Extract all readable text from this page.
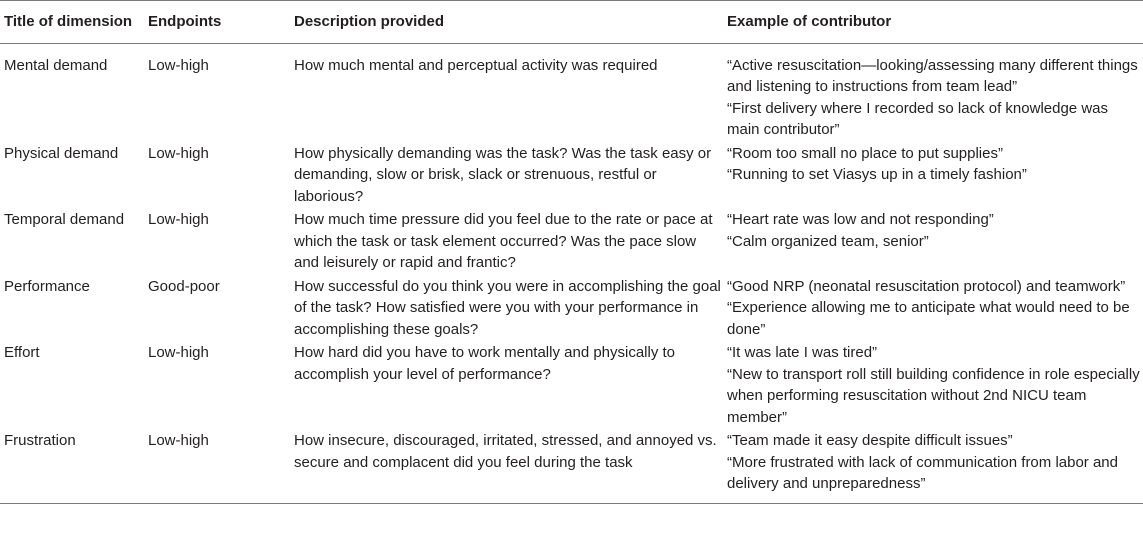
Title of dimension	Endpoints	Description provided	Example of contributor
Mental demand	Low-high	How much mental and perceptual activity was required	“Active resuscitation—looking/assessing many different things and listening to instructions from team lead”
“First delivery where I recorded so lack of knowledge was main contributor”

Physical demand	Low-high	How physically demanding was the task? Was the task easy or demanding, slow or brisk, slack or strenuous, restful or laborious?	“Room too small no place to put supplies”
“Running to set Viasys up in a timely fashion”

Temporal demand	Low-high	How much time pressure did you feel due to the rate or pace at which the task or task element occurred? Was the pace slow and leisurely or rapid and frantic?	“Heart rate was low and not responding”
“Calm organized team, senior”

Performance	Good-poor	How successful do you think you were in accomplishing the goal of the task? How satisfied were you with your performance in accomplishing these goals?	“Good NRP (neonatal resuscitation protocol) and teamwork”
“Experience allowing me to anticipate what would need to be done”

Effort	Low-high	How hard did you have to work mentally and physically to accomplish your level of performance?	“It was late I was tired”
“New to transport roll still building confidence in role especially when performing resuscitation without 2nd NICU team member”

Frustration	Low-high	How insecure, discouraged, irritated, stressed, and annoyed vs. secure and complacent did you feel during the task	“Team made it easy despite difficult issues”
“More frustrated with lack of communication from labor and delivery and unpreparedness”
